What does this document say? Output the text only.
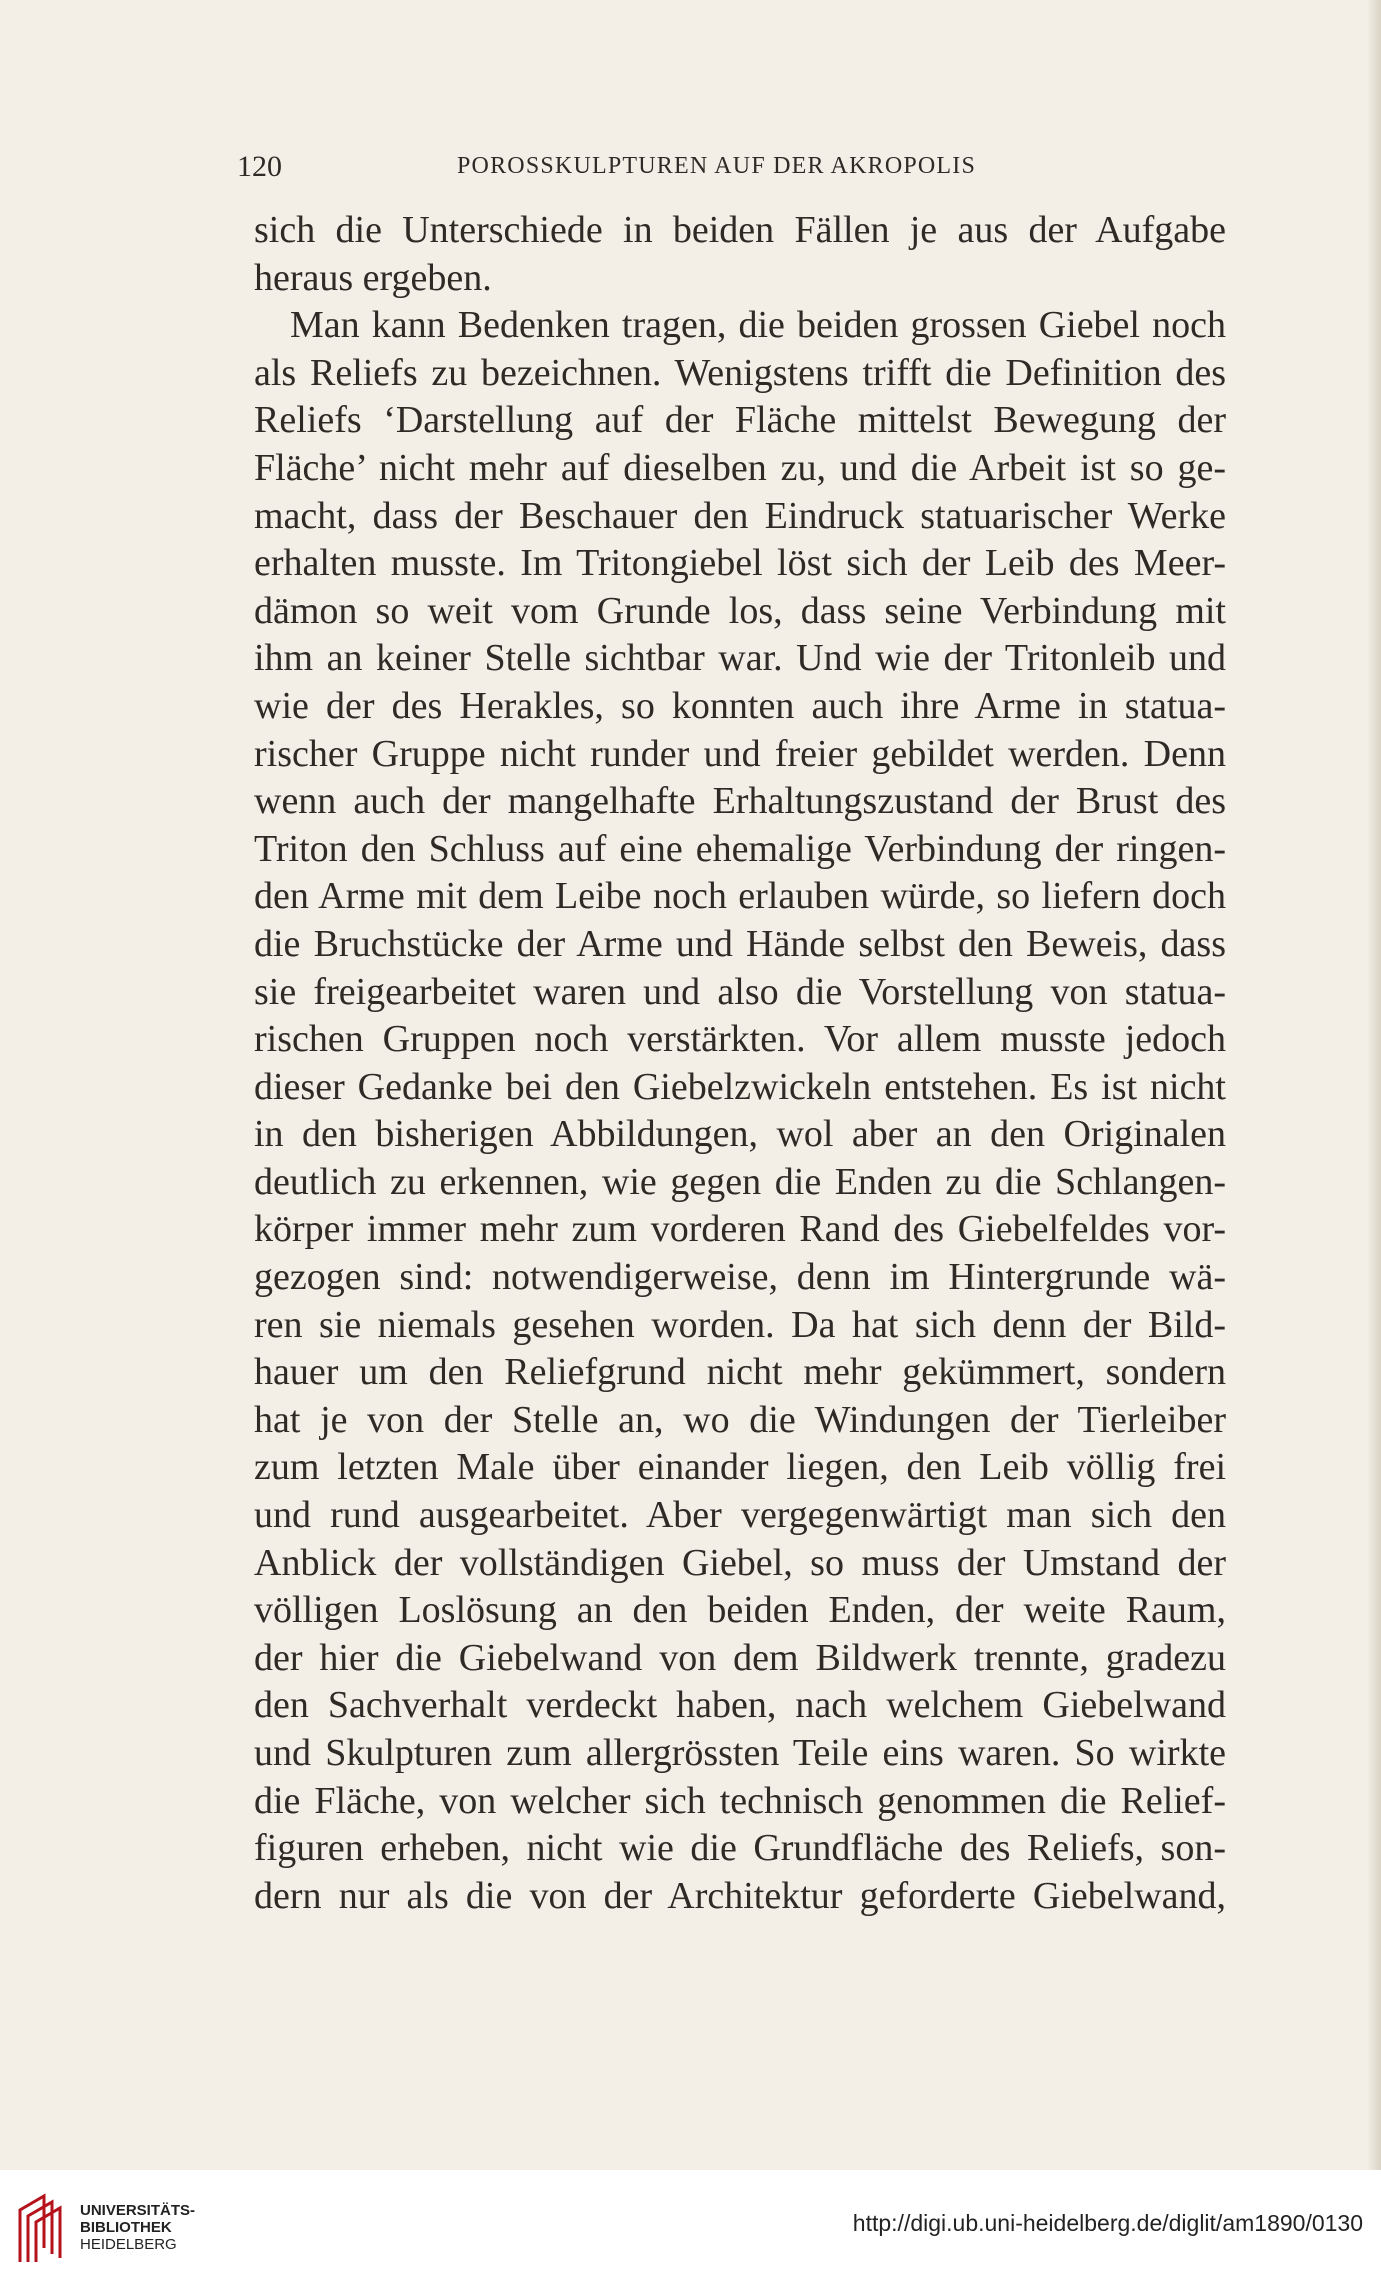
120	POROSSKULPTUREN AUF DER AKROPOLIS
sich die Unterschiede in beiden Fällen je aus der Aufgabe
heraus ergeben.
Man kann Bedenken tragen, die beiden grossen Giebel noch
als Reliefs zu bezeichnen. Wenigstens trifft die Definition des
Reliefs ‘Darstellung auf der Fläche mittelst Bewegung der
Fläche’ nicht mehr auf dieselben zu, und die Arbeit ist so ge-
macht, dass der Beschauer den Eindruck statuarischer Werke
erhalten musste. Im Tritongiebel löst sich der Leib des Meer-
dämon so weit vom Grunde los, dass seine Verbindung mit
ihm an keiner Stelle sichtbar war. Und wie der Tritonleib und
wie der des Herakles, so konnten auch ihre Arme in statua-
rischer Gruppe nicht runder und freier gebildet werden. Denn
wenn auch der mangelhafte Erhaltungszustand der Brust des
Triton den Schluss auf eine ehemalige Verbindung der ringen-
den Arme mit dem Leibe noch erlauben würde, so liefern doch
die Bruchstücke der Arme und Hände selbst den Beweis, dass
sie freigearbeitet waren und also die Vorstellung von statua-
rischen Gruppen noch verstärkten. Vor allem musste jedoch
dieser Gedanke bei den Giebelzwickeln entstehen. Es ist nicht
in den bisherigen Abbildungen, wol aber an den Originalen
deutlich zu erkennen, wie gegen die Enden zu die Schlangen-
körper immer mehr zum vorderen Rand des Giebelfeldes vor-
gezogen sind: notwendigerweise, denn im Hintergrunde wä-
ren sie niemals gesehen worden. Da hat sich denn der Bild-
hauer um den Reliefgrund nicht mehr gekümmert, sondern
hat je von der Stelle an, wo die Windungen der Tierleiber
zum letzten Male über einander liegen, den Leib völlig frei
und rund ausgearbeitet. Aber vergegenwärtigt man sich den
Anblick der vollständigen Giebel, so muss der Umstand der
völligen Loslösung an den beiden Enden, der weite Raum,
der hier die Giebelwand von dem Bildwerk trennte, gradezu
den Sachverhalt verdeckt haben, nach welchem Giebelwand
und Skulpturen zum allergrössten Teile eins waren. So wirkte
die Fläche, von welcher sich technisch genommen die Relief-
figuren erheben, nicht wie die Grundfläche des Reliefs, son-
dern nur als die von der Architektur geforderte Giebelwand,
UNIVERSITÄTS-
BIBLIOTHEK
HEIDELBERG
http://digi.ub.uni-heidelberg.de/diglit/am1890/0130
